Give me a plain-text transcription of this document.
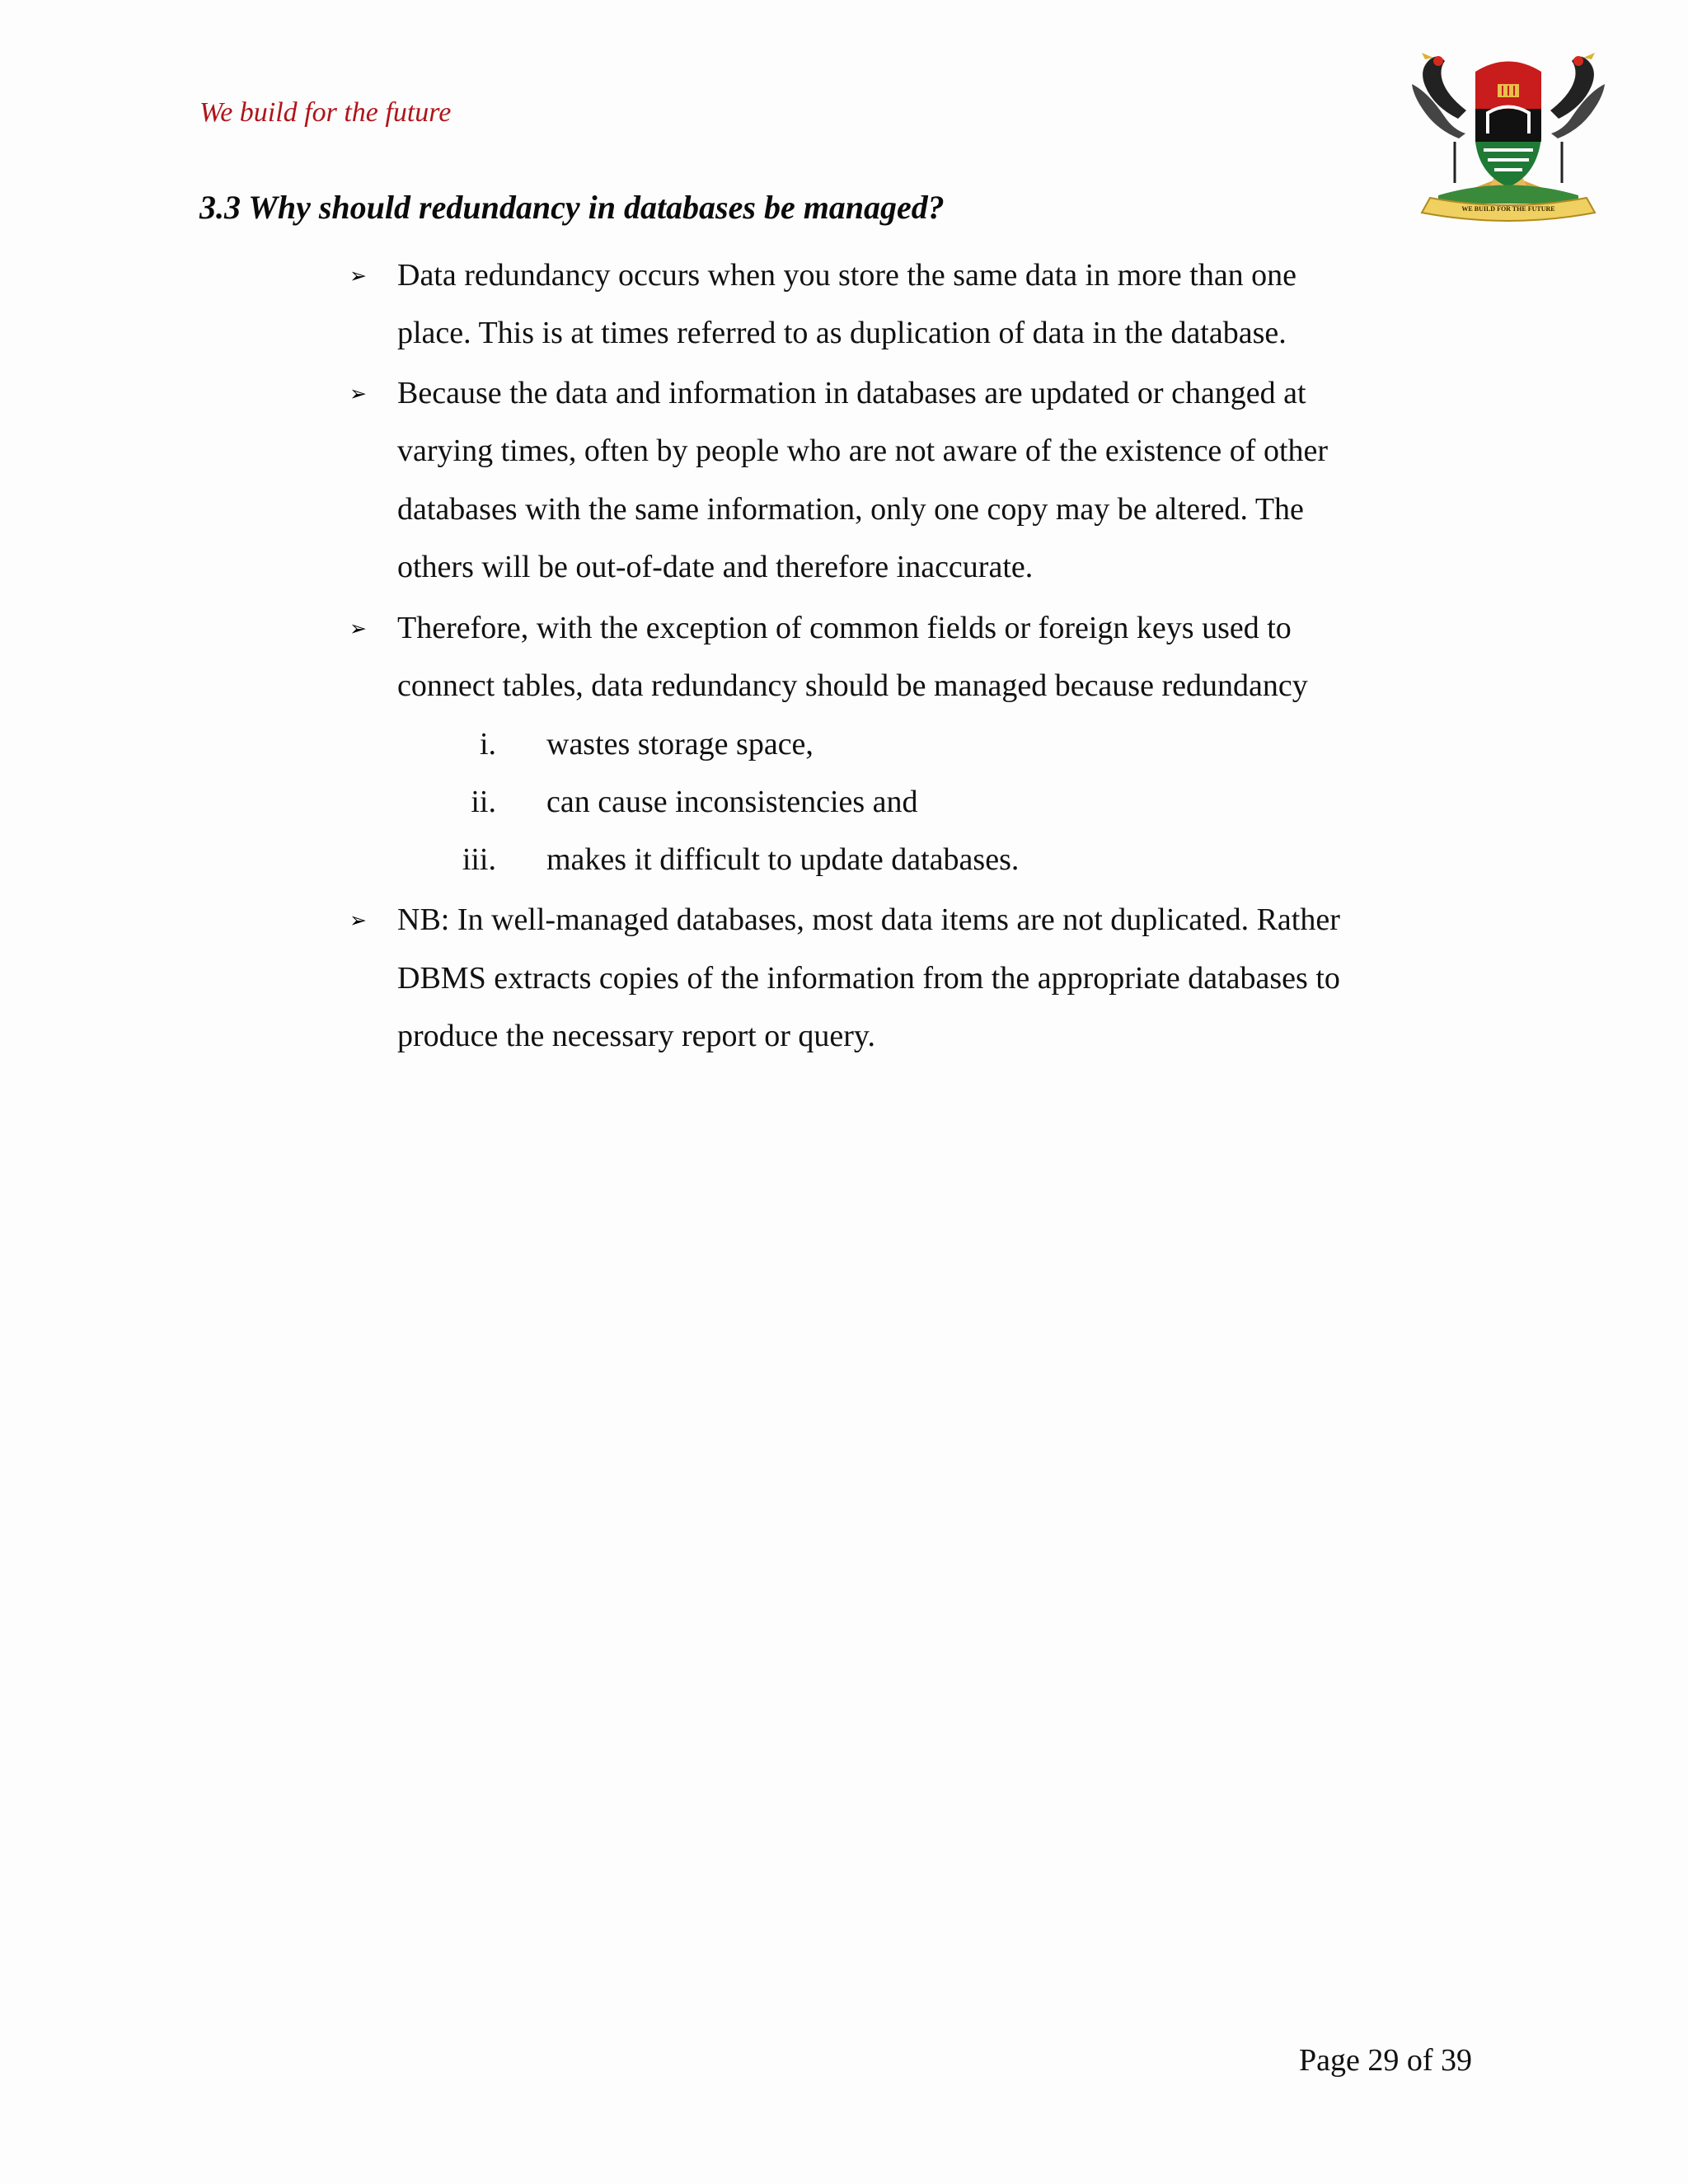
We build for the future
WE BUILD FOR THE FUTURE
3.3 Why should redundancy in databases be managed?
➢ Data redundancy occurs when you store the same data in more than one
place. This is at times referred to as duplication of data in the database.
➢ Because the data and information in databases are updated or changed at
varying times, often by people who are not aware of the existence of other
databases with the same information, only one copy may be altered. The
others will be out-of-date and therefore inaccurate.
➢ Therefore, with the exception of common fields or foreign keys used to
connect tables, data redundancy should be managed because redundancy
i. wastes storage space,
ii. can cause inconsistencies and
iii. makes it difficult to update databases.
➢ NB: In well-managed databases, most data items are not duplicated. Rather
DBMS extracts copies of the information from the appropriate databases to
produce the necessary report or query.
Page 29 of 39
